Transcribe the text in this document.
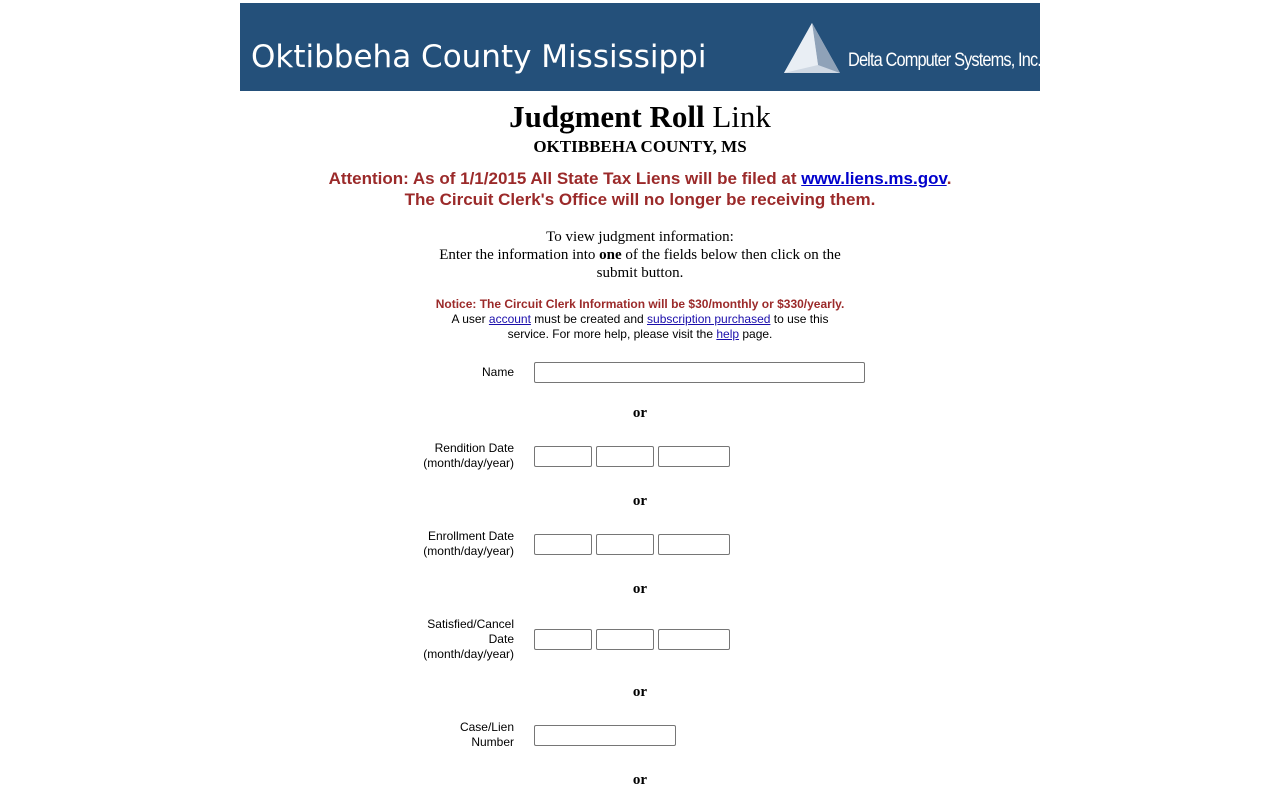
Oktibbeha County Mississippi	Delta Computer Systems, Inc.
Judgment Roll Link
OKTIBBEHA COUNTY, MS
Attention: As of 1/1/2015 All State Tax Liens will be filed at www.liens.ms.gov.
The Circuit Clerk's Office will no longer be receiving them.
To view judgment information:
Enter the information into one of the fields below then click on the
submit button.
Notice: The Circuit Clerk Information will be $30/monthly or $330/yearly.
A user account must be created and subscription purchased to use this
service. For more help, please visit the help page.
Name
or
Rendition Date
(month/day/year)
or
Enrollment Date
(month/day/year)
or
Satisfied/Cancel
Date
(month/day/year)
or
Case/Lien
Number
or
